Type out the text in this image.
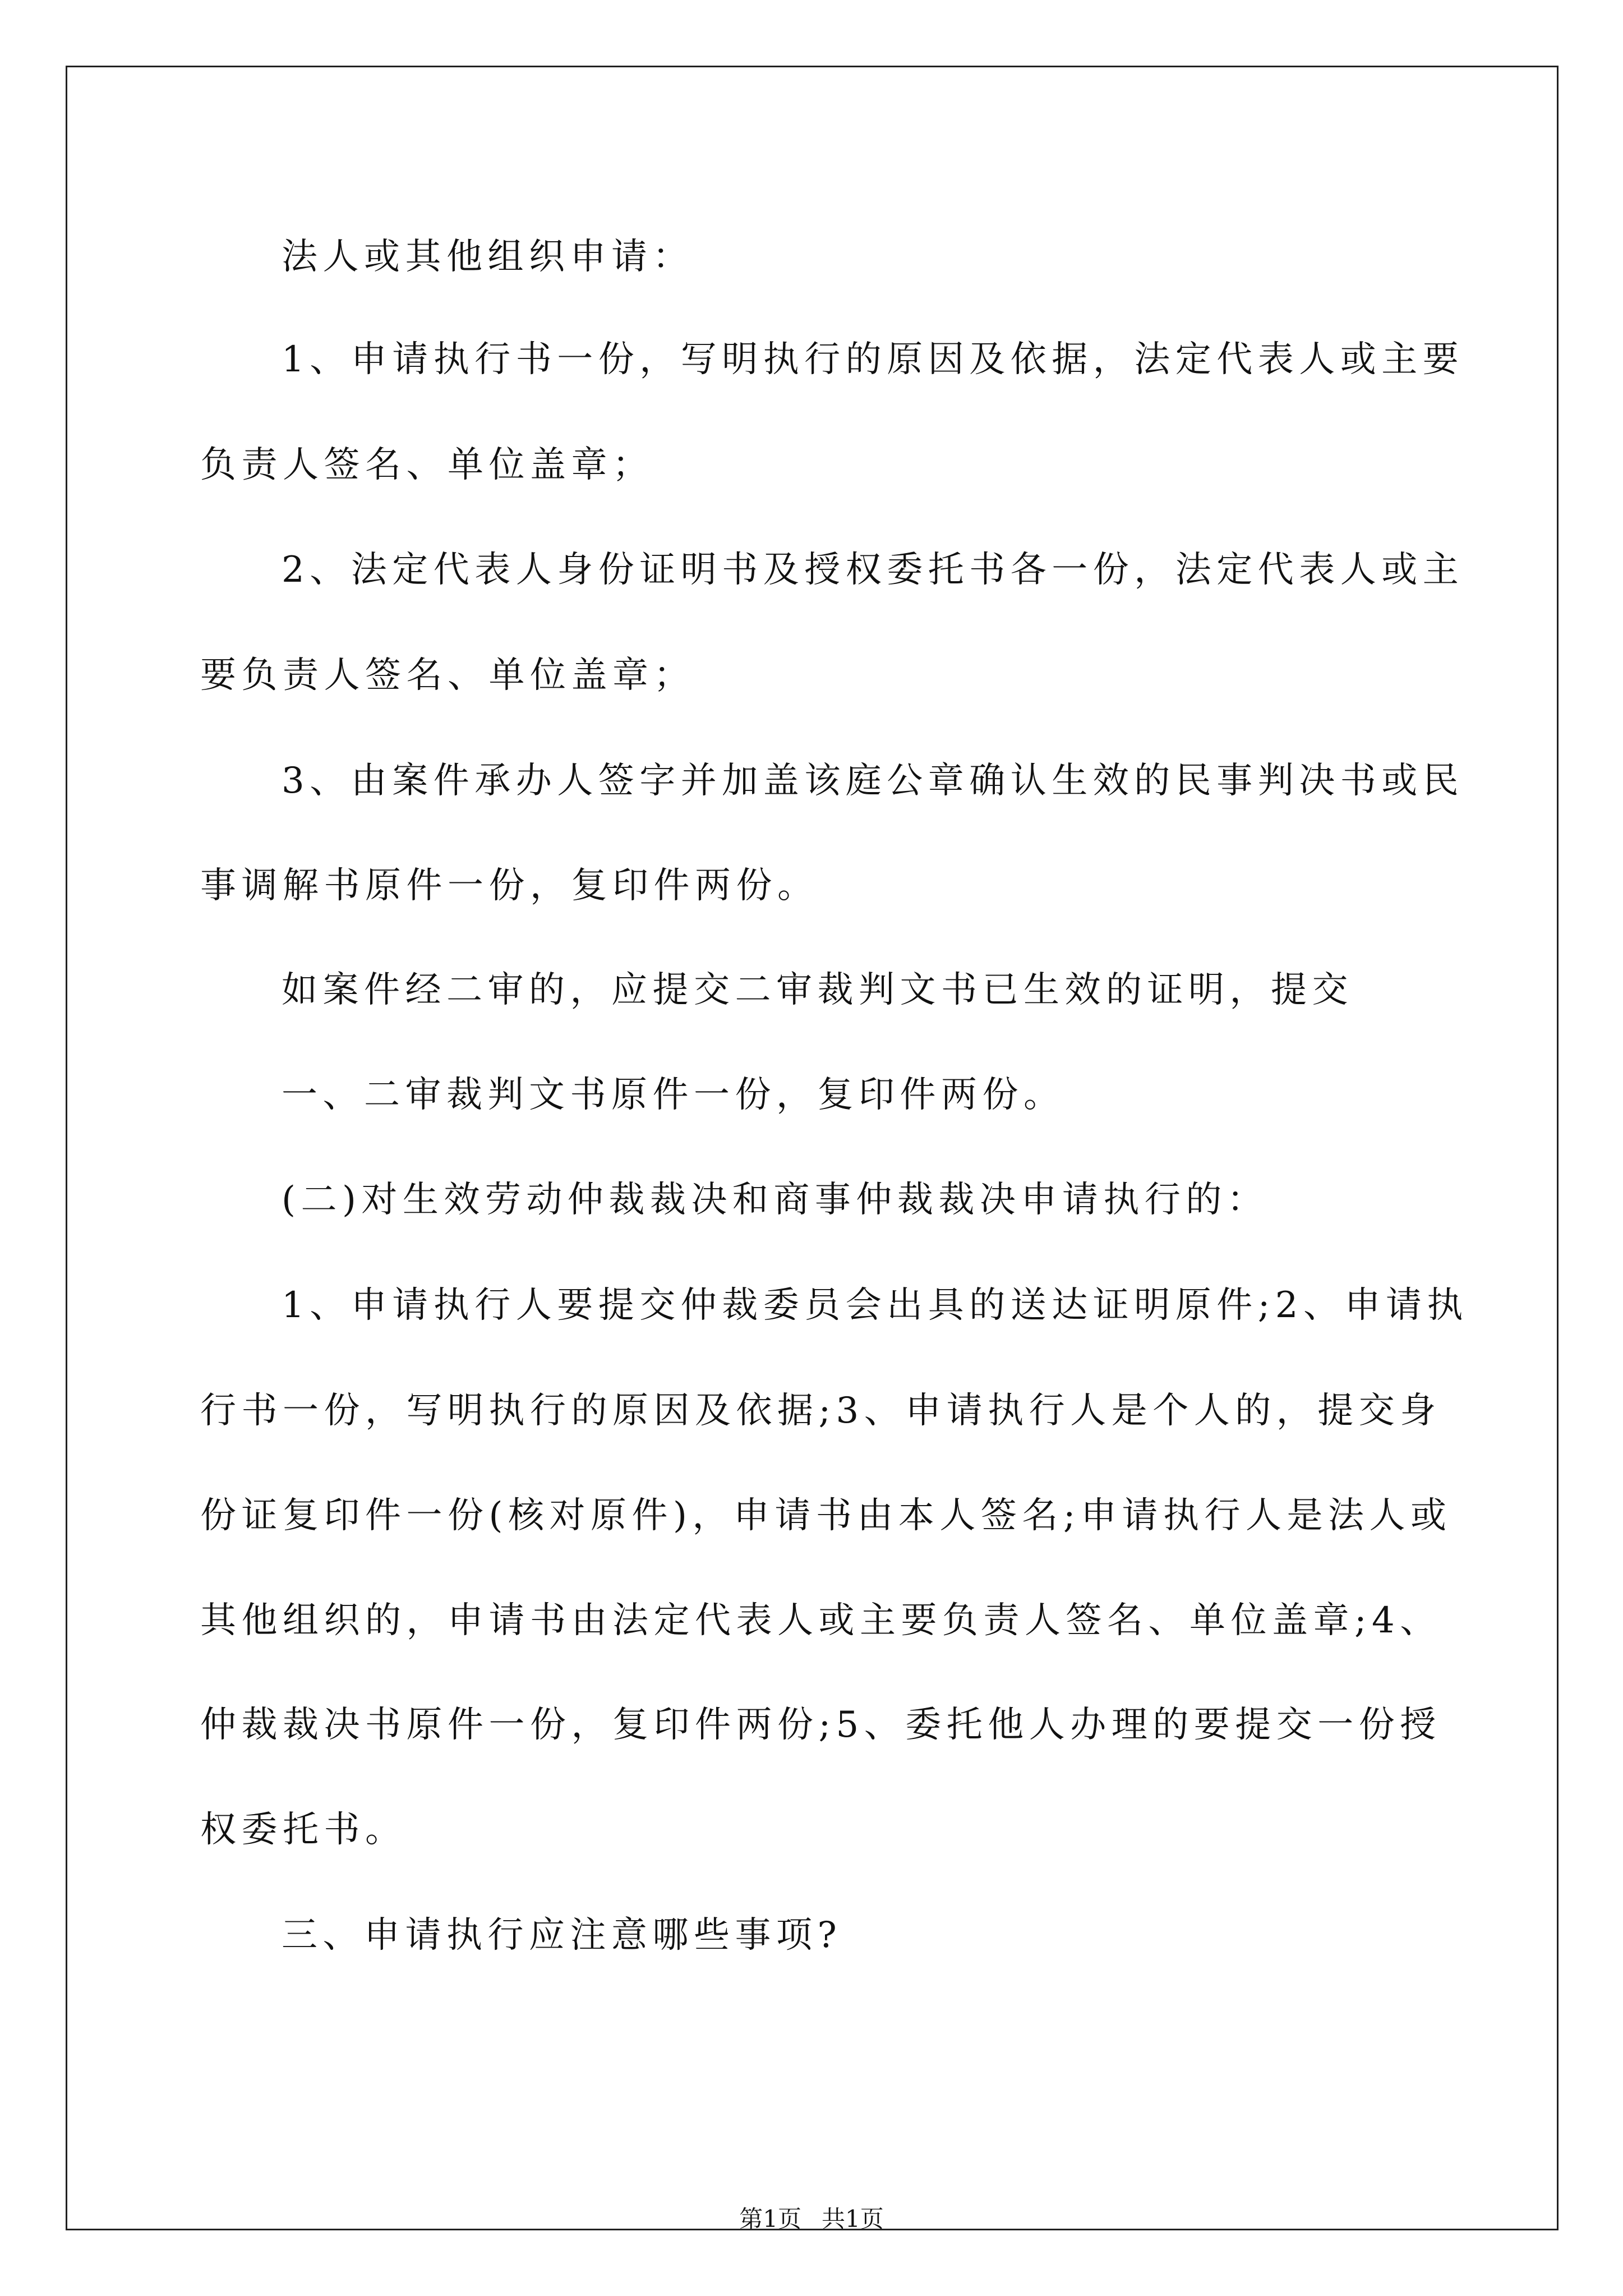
法人或其他组织申请：
1、申请执行书一份，写明执行的原因及依据，法定代表人或主要
负责人签名、单位盖章；
2、法定代表人身份证明书及授权委托书各一份，法定代表人或主
要负责人签名、单位盖章；
3、由案件承办人签字并加盖该庭公章确认生效的民事判决书或民
事调解书原件一份，复印件两份。
如案件经二审的，应提交二审裁判文书已生效的证明，提交
一、二审裁判文书原件一份，复印件两份。
(二)对生效劳动仲裁裁决和商事仲裁裁决申请执行的：
1、申请执行人要提交仲裁委员会出具的送达证明原件;2、申请执
行书一份，写明执行的原因及依据;3、申请执行人是个人的，提交身
份证复印件一份(核对原件)，申请书由本人签名;申请执行人是法人或
其他组织的，申请书由法定代表人或主要负责人签名、单位盖章;4、
仲裁裁决书原件一份，复印件两份;5、委托他人办理的要提交一份授
权委托书。
三、申请执行应注意哪些事项?
第1页 共1页
